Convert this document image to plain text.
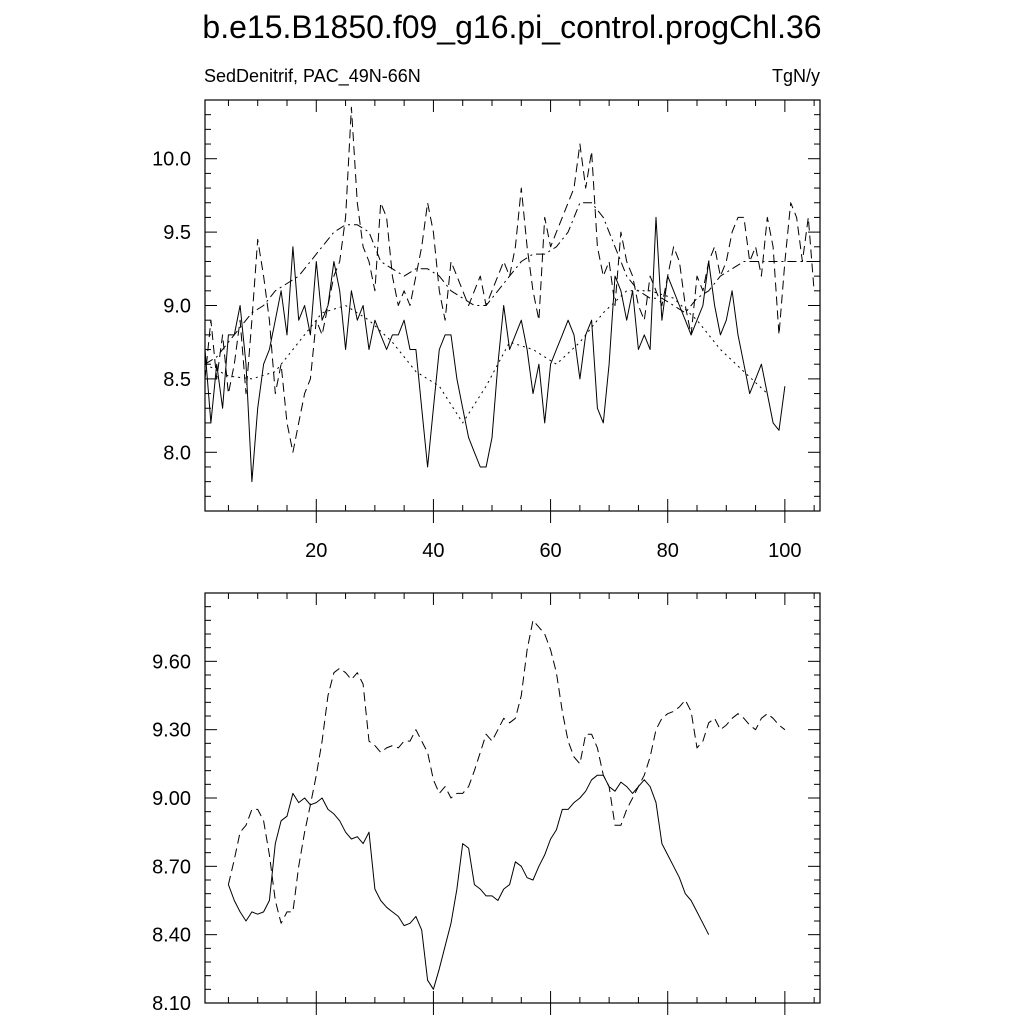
b.e15.B1850.f09_g16.pi_control.progChl.36
SedDenitrif, PAC_49N-66N	TgN/y
8.0
8.5
9.0
9.5
10.0
20	40	60	80	100
8.10
8.40
8.70
9.00
9.30
9.60
